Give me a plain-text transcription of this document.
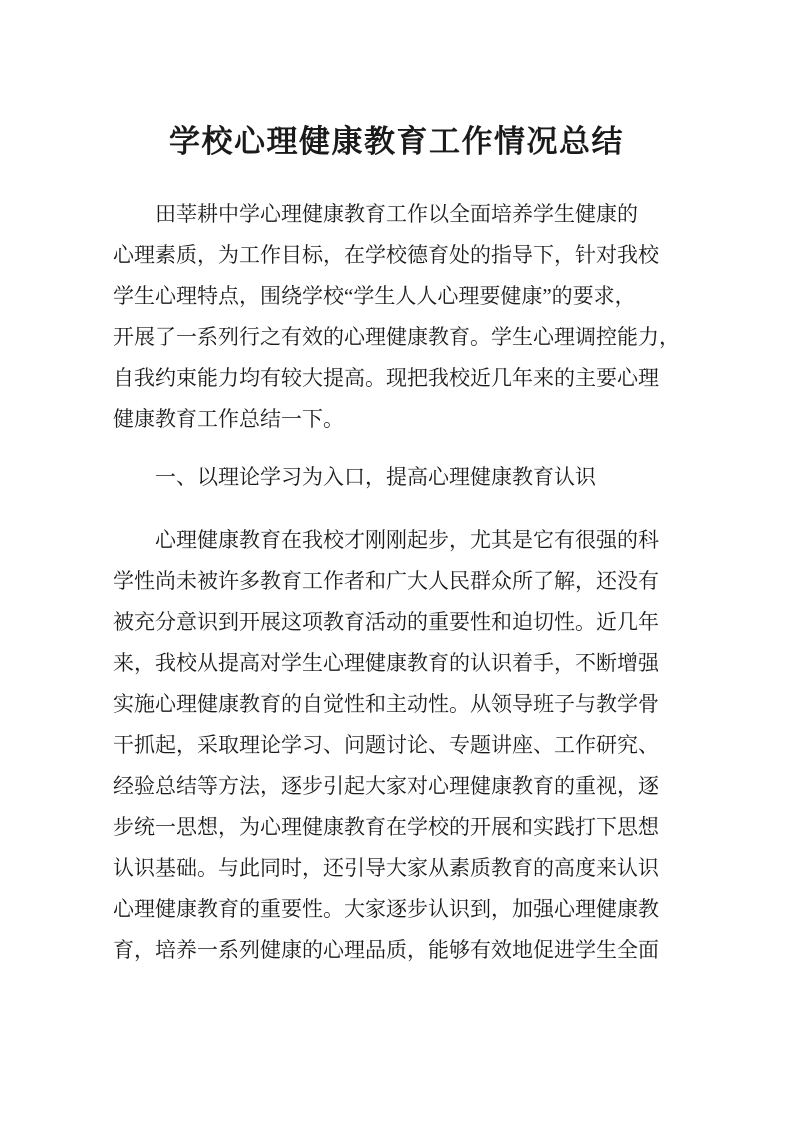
学校心理健康教育工作情况总结
田莘耕中学心理健康教育工作以全面培养学生健康的
心理素质，为工作目标，在学校德育处的指导下，针对我校
学生心理特点，围绕学校“学生人人心理要健康”的要求，
开展了一系列行之有效的心理健康教育。学生心理调控能力，
自我约束能力均有较大提高。现把我校近几年来的主要心理
健康教育工作总结一下。
一、以理论学习为入口，提高心理健康教育认识
心理健康教育在我校才刚刚起步，尤其是它有很强的科
学性尚未被许多教育工作者和广大人民群众所了解，还没有
被充分意识到开展这项教育活动的重要性和迫切性。近几年
来，我校从提高对学生心理健康教育的认识着手，不断增强
实施心理健康教育的自觉性和主动性。从领导班子与教学骨
干抓起，采取理论学习、问题讨论、专题讲座、工作研究、
经验总结等方法，逐步引起大家对心理健康教育的重视，逐
步统一思想，为心理健康教育在学校的开展和实践打下思想
认识基础。与此同时，还引导大家从素质教育的高度来认识
心理健康教育的重要性。大家逐步认识到，加强心理健康教
育，培养一系列健康的心理品质，能够有效地促进学生全面
